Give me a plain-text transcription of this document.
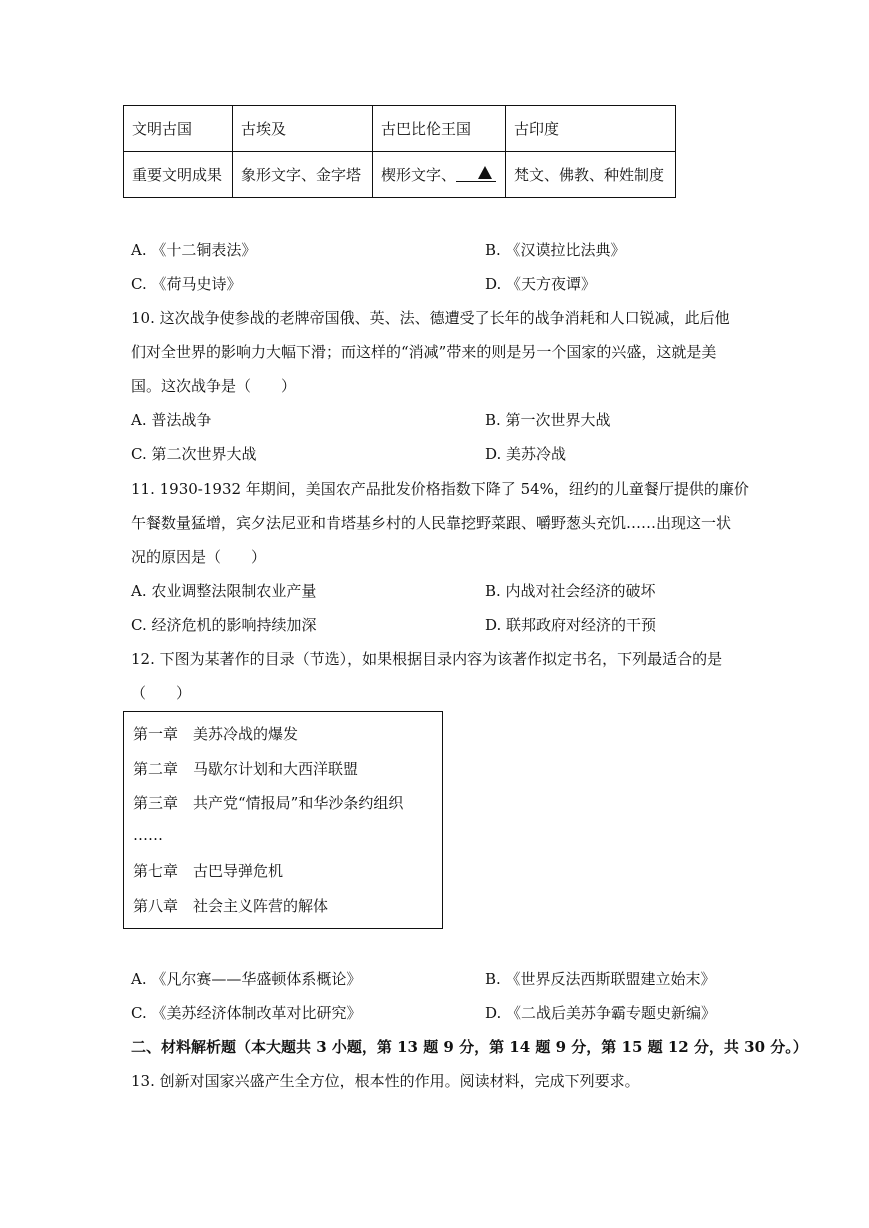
文明古国	古埃及	古巴比伦王国	古印度
重要文明成果	象形文字、金字塔	楔形文字、	梵文、佛教、种姓制度
A. 《十二铜表法》	B. 《汉谟拉比法典》
C. 《荷马史诗》	D. 《天方夜谭》
10. 这次战争使参战的老牌帝国俄、英、法、德遭受了长年的战争消耗和人口锐减，此后他
们对全世界的影响力大幅下滑；而这样的“消减”带来的则是另一个国家的兴盛，这就是美
国。这次战争是（　　）
A. 普法战争	B. 第一次世界大战
C. 第二次世界大战	D. 美苏冷战
11. 1930-1932 年期间，美国农产品批发价格指数下降了 54%，纽约的儿童餐厅提供的廉价
午餐数量猛增，宾夕法尼亚和肯塔基乡村的人民靠挖野菜跟、嚼野葱头充饥……出现这一状
况的原因是（　　）
A. 农业调整法限制农业产量	B. 内战对社会经济的破坏
C. 经济危机的影响持续加深	D. 联邦政府对经济的干预
12. 下图为某著作的目录（节选），如果根据目录内容为该著作拟定书名，下列最适合的是
（　　）
第一章　美苏冷战的爆发
第二章　马歇尔计划和大西洋联盟
第三章　共产党“情报局”和华沙条约组织
……
第七章　古巴导弹危机
第八章　社会主义阵营的解体
A. 《凡尔赛——华盛顿体系概论》	B. 《世界反法西斯联盟建立始末》
C. 《美苏经济体制改革对比研究》	D. 《二战后美苏争霸专题史新编》
二、材料解析题（本大题共 3 小题，第 13 题 9 分，第 14 题 9 分，第 15 题 12 分，共 30 分。）
13. 创新对国家兴盛产生全方位，根本性的作用。阅读材料，完成下列要求。
